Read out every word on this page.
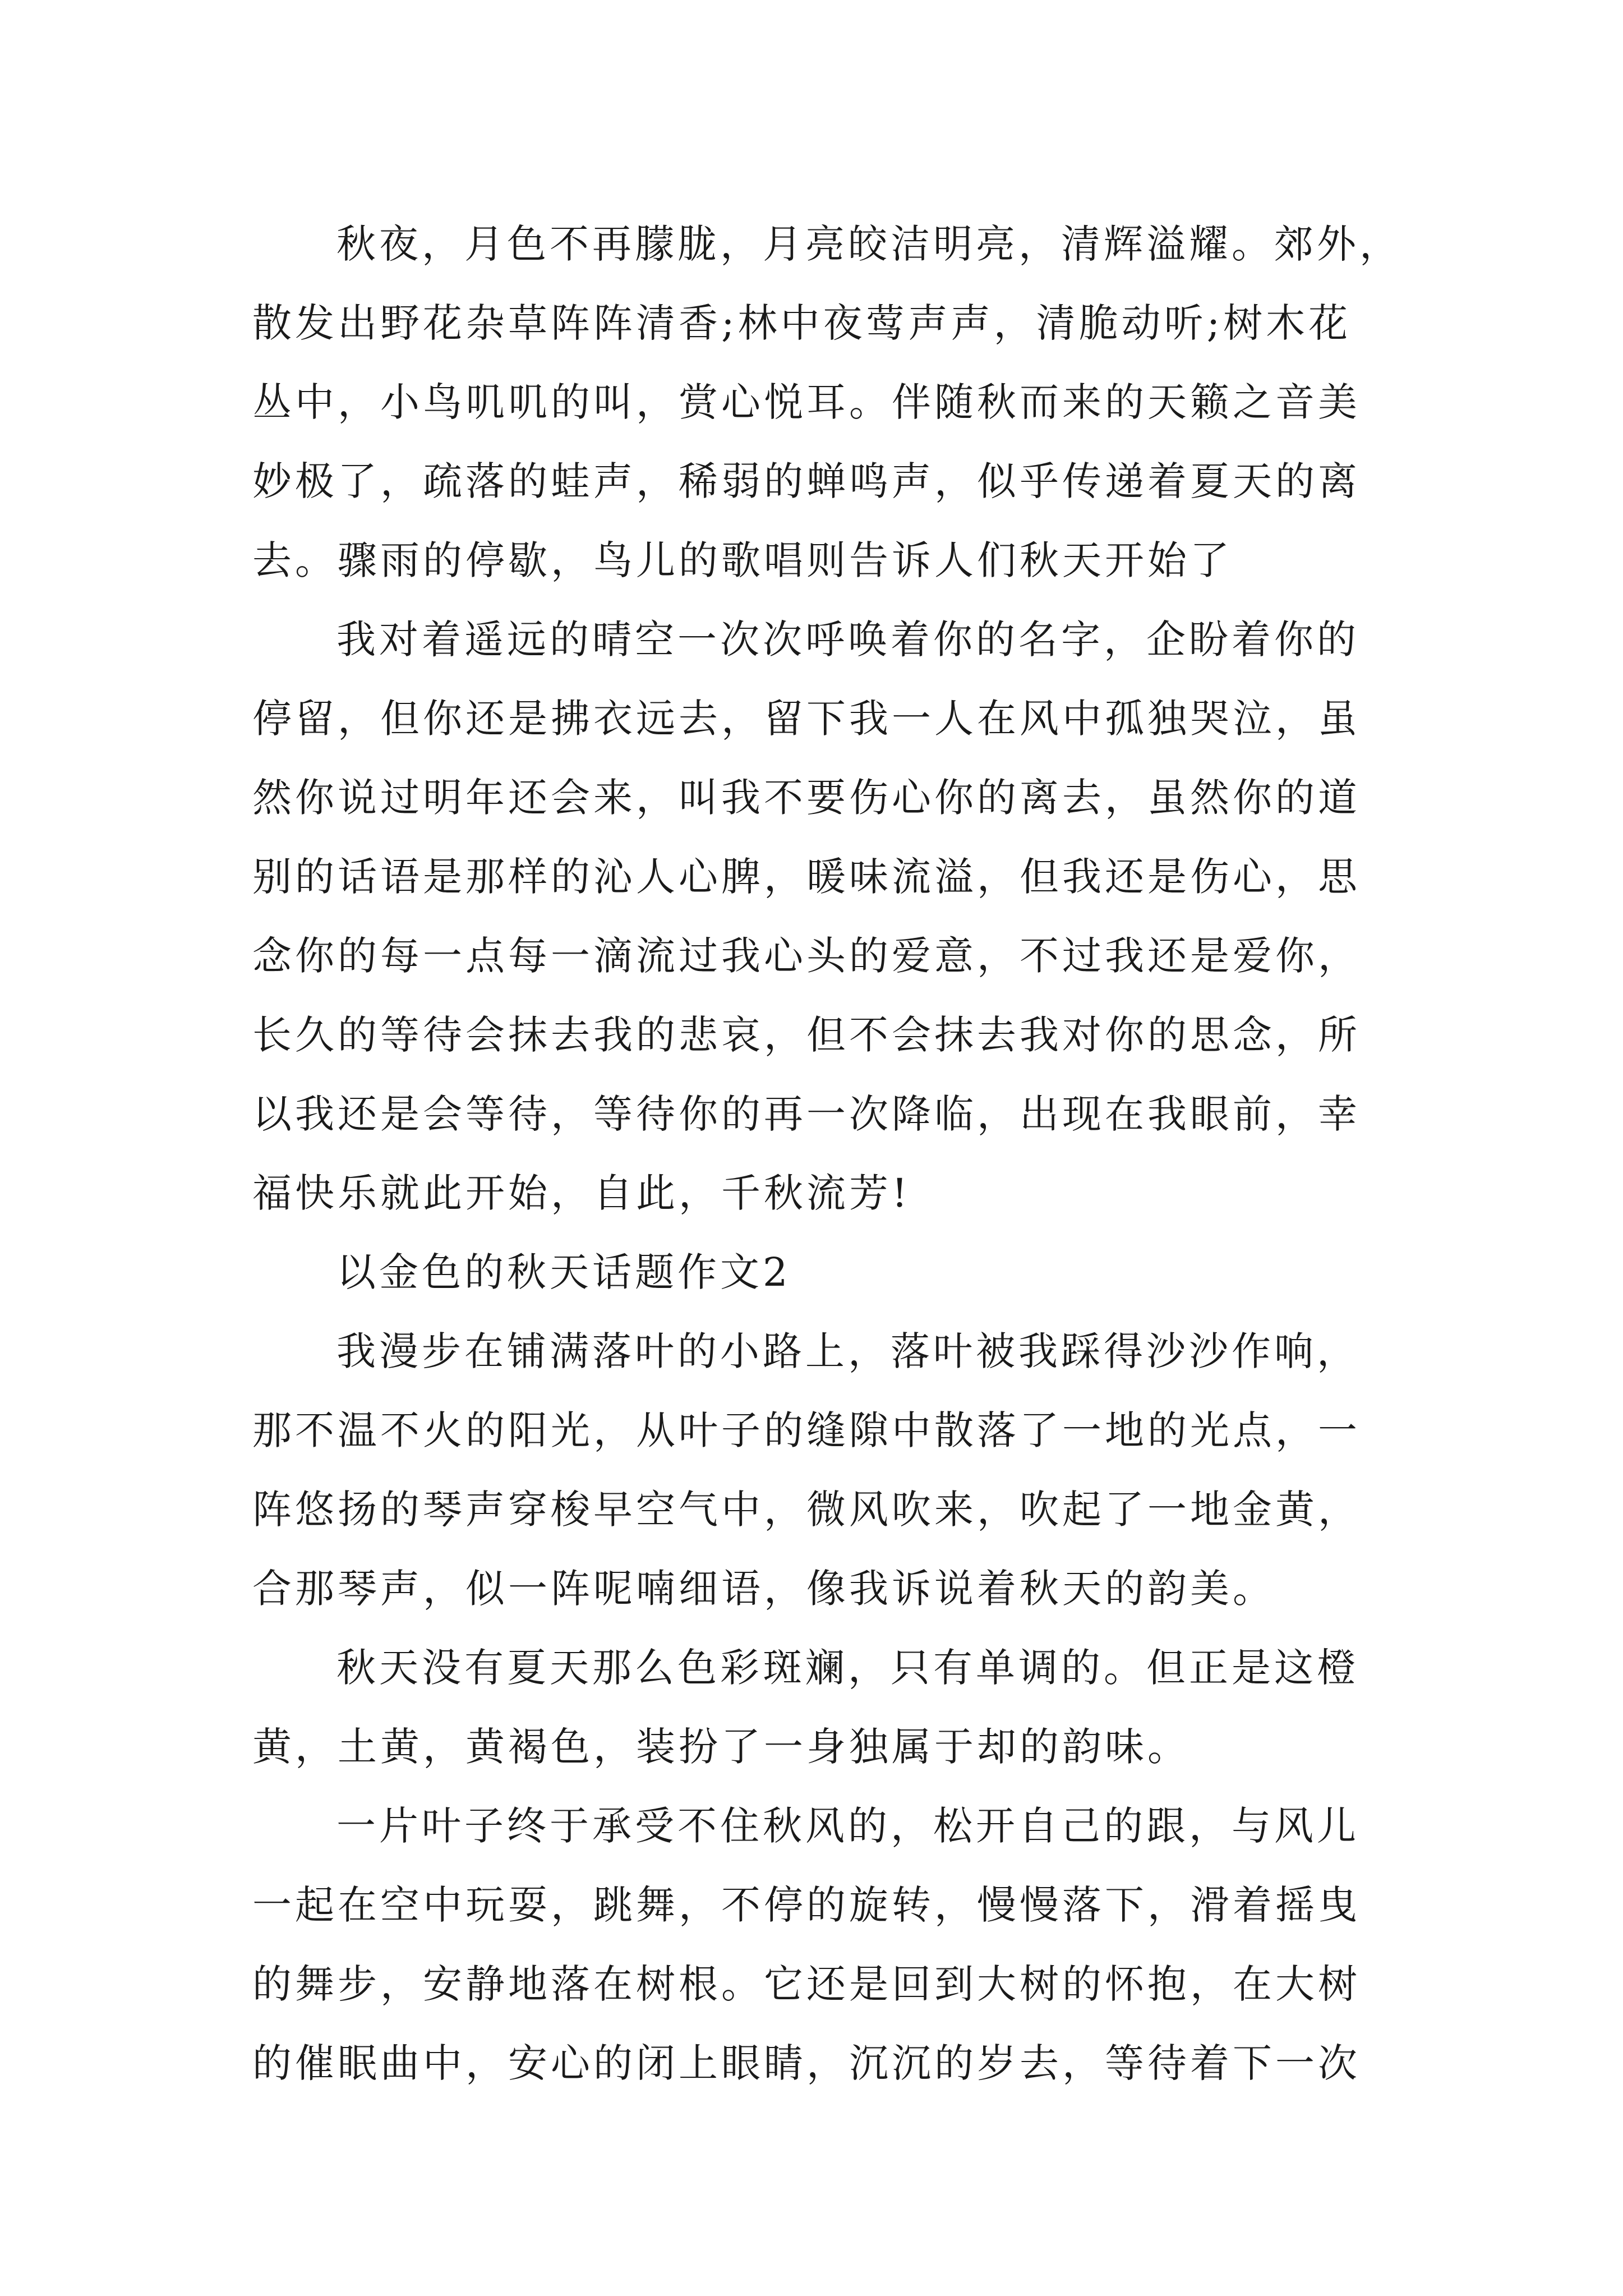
秋夜，月色不再朦胧，月亮皎洁明亮，清辉溢耀。郊外，
散发出野花杂草阵阵清香;林中夜莺声声，清脆动听;树木花
丛中，小鸟叽叽的叫，赏心悦耳。伴随秋而来的天籁之音美
妙极了，疏落的蛙声，稀弱的蝉鸣声，似乎传递着夏天的离
去。骤雨的停歇，鸟儿的歌唱则告诉人们秋天开始了
我对着遥远的晴空一次次呼唤着你的名字，企盼着你的
停留，但你还是拂衣远去，留下我一人在风中孤独哭泣，虽
然你说过明年还会来，叫我不要伤心你的离去，虽然你的道
别的话语是那样的沁人心脾，暖味流溢，但我还是伤心，思
念你的每一点每一滴流过我心头的爱意，不过我还是爱你，
长久的等待会抹去我的悲哀，但不会抹去我对你的思念，所
以我还是会等待，等待你的再一次降临，出现在我眼前，幸
福快乐就此开始，自此，千秋流芳!
以金色的秋天话题作文2
我漫步在铺满落叶的小路上，落叶被我踩得沙沙作响，
那不温不火的阳光，从叶子的缝隙中散落了一地的光点，一
阵悠扬的琴声穿梭早空气中，微风吹来，吹起了一地金黄，
合那琴声，似一阵呢喃细语，像我诉说着秋天的韵美。
秋天没有夏天那么色彩斑斓，只有单调的。但正是这橙
黄，土黄，黄褐色，装扮了一身独属于却的韵味。
一片叶子终于承受不住秋风的，松开自己的跟，与风儿
一起在空中玩耍，跳舞，不停的旋转，慢慢落下，滑着摇曳
的舞步，安静地落在树根。它还是回到大树的怀抱，在大树
的催眠曲中，安心的闭上眼睛，沉沉的岁去，等待着下一次
